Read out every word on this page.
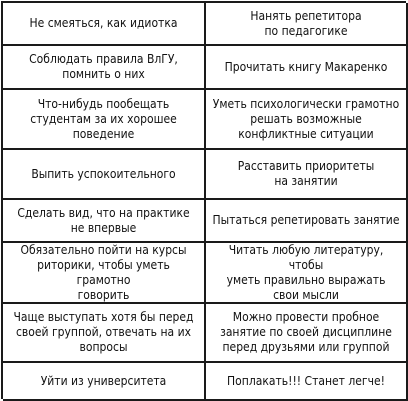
Не смеяться, как идиотка
Нанять репетитора
по педагогике
Соблюдать правила ВлГУ,
помнить о них
Прочитать книгу Макаренко
Что-нибудь пообещать
студентам за их хорошее
поведение
Уметь психологически грамотно
решать возможные
конфликтные ситуации
Выпить успокоительного
Расставить приоритеты
на занятии
Сделать вид, что на практике
не впервые
Пытаться репетировать занятие
Обязательно пойти на курсы
риторики, чтобы уметь грамотно
говорить
Читать любую литературу, чтобы
уметь правильно выражать
свои мысли
Чаще выступать хотя бы перед
своей группой, отвечать на их
вопросы
Можно провести пробное
занятие по своей дисциплине
перед друзьями или группой
Уйти из университета	Поплакать!!! Станет легче!
